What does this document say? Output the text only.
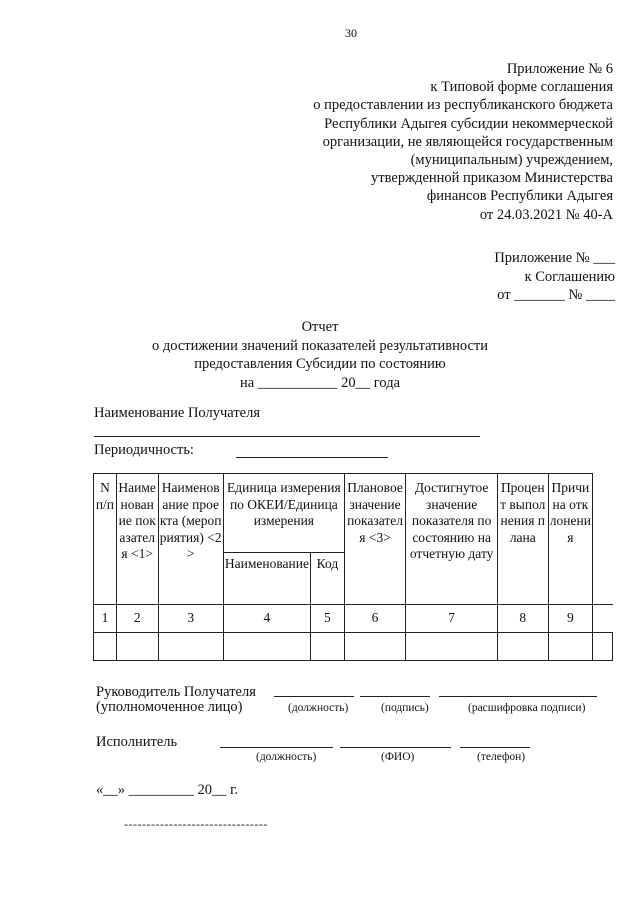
30
Приложение № 6
к Типовой форме соглашения
о предоставлении из республиканского бюджета
Республики Адыгея субсидии некоммерческой
организации, не являющейся государственным
(муниципальным) учреждением,
утвержденной приказом Министерства
финансов Республики Адыгея
от 24.03.2021 № 40-А
Приложение № ___
к Соглашению
от _______ № ____
Отчет
о достижении значений показателей результативности
предоставления Субсидии по состоянию
на ___________ 20__ года
Наименование Получателя
Периодичность:
N п/п	Наименование показателя <1>	Наименование проекта (мероприятия) <2>	Единица измерения по ОКЕИ/Единица измерения		Плановое значение показателя <3>	Достигнутое значение показателя по состоянию на отчетную дату	Процент выполнения плана	Причина отклонения	
			Наименование	Код					
1	2	3	4	5	6	7	8	9	

Руководитель Получателя
(уполномоченное лицо)	(должность)	(подпись)	(расшифровка подписи)
Исполнитель
(должность)	(ФИО)	(телефон)
«__» _________ 20__ г.
--------------------------------
